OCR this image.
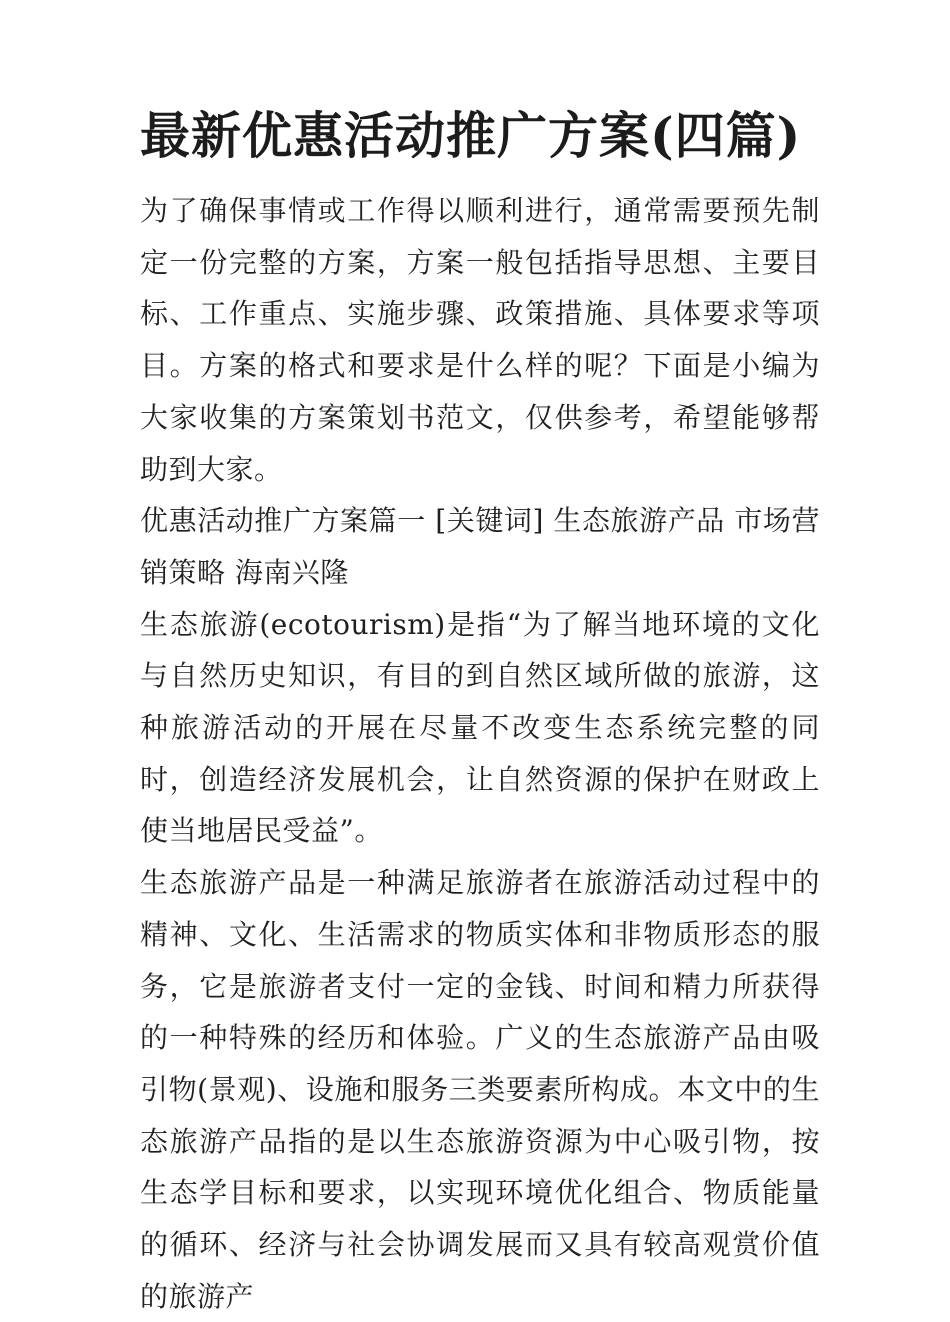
最新优惠活动推广方案(四篇)

为了确保事情或工作得以顺利进行，通常需要预先制定一份完整的方案，方案一般包括指导思想、主要目标、工作重点、实施步骤、政策措施、具体要求等项目。方案的格式和要求是什么样的呢？下面是小编为大家收集的方案策划书范文，仅供参考，希望能够帮助到大家。

优惠活动推广方案篇一 [关键词] 生态旅游产品 市场营销策略 海南兴隆

生态旅游(ecotourism)是指“为了解当地环境的文化与自然历史知识，有目的到自然区域所做的旅游，这种旅游活动的开展在尽量不改变生态系统完整的同时，创造经济发展机会，让自然资源的保护在财政上使当地居民受益”。

生态旅游产品是一种满足旅游者在旅游活动过程中的精神、文化、生活需求的物质实体和非物质形态的服务，它是旅游者支付一定的金钱、时间和精力所获得的一种特殊的经历和体验。广义的生态旅游产品由吸引物(景观)、设施和服务三类要素所构成。本文中的生态旅游产品指的是以生态旅游资源为中心吸引物，按生态学目标和要求，以实现环境优化组合、物质能量的循环、经济与社会协调发展而又具有较高观赏价值的旅游产
